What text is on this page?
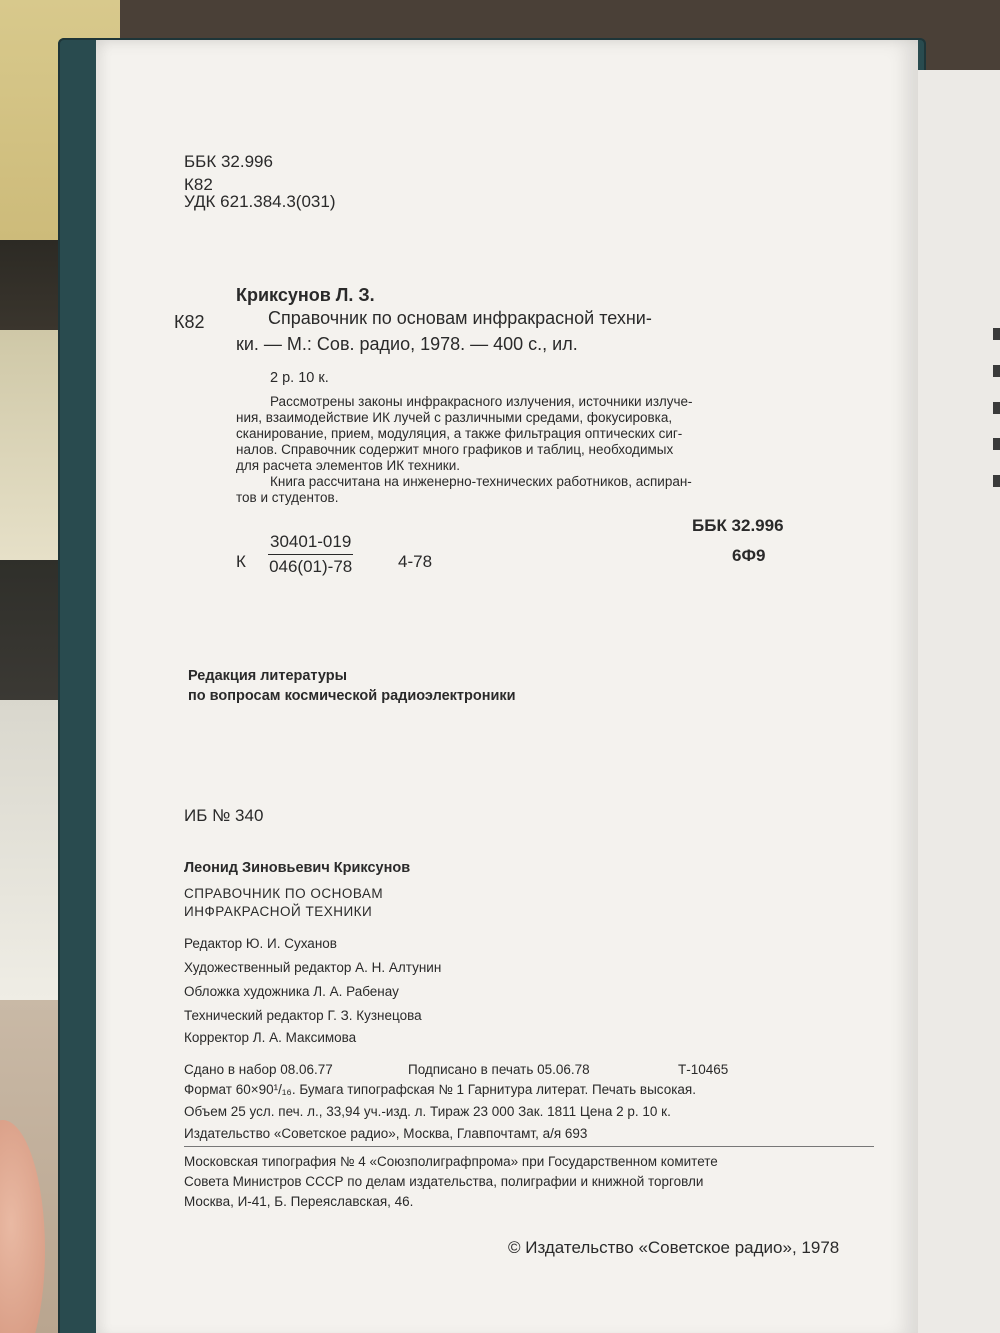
ББК 32.996
К82
УДК 621.384.3(031)
Криксунов Л. З.
К82	Справочник по основам инфракрасной техни-
ки. — М.: Сов. радио, 1978. — 400 с., ил.
2 р. 10 к.
Рассмотрены законы инфракрасного излучения, источники излуче-
ния, взаимодействие ИК лучей с различными средами, фокусировка,
сканирование, прием, модуляция, а также фильтрация оптических сиг-
налов. Справочник содержит много графиков и таблиц, необходимых
для расчета элементов ИК техники.
Книга рассчитана на инженерно-технических работников, аспиран-
тов и студентов.
ББК 32.996
6Ф9
К $\frac{30401-019}{046(01)-78}$	4-78
Редакция литературы
по вопросам космической радиоэлектроники
ИБ № 340
Леонид Зиновьевич Криксунов
СПРАВОЧНИК ПО ОСНОВАМ
ИНФРАКРАСНОЙ ТЕХНИКИ
Редактор Ю. И. Суханов
Художественный редактор А. Н. Алтунин
Обложка художника Л. А. Рабенау
Технический редактор Г. З. Кузнецова
Корректор Л. А. Максимова
Сдано в набор 08.06.77	Подписано в печать 05.06.78	Т-10465
Формат 60×90¹/₁₆. Бумага типографская № 1 Гарнитура литерат. Печать высокая.
Объем 25 усл. печ. л., 33,94 уч.-изд. л. Тираж 23 000 Зак. 1811 Цена 2 р. 10 к.
Издательство «Советское радио», Москва, Главпочтамт, а/я 693
Московская типография № 4 «Союзполиграфпрома» при Государственном комитете
Совета Министров СССР по делам издательства, полиграфии и книжной торговли
Москва, И-41, Б. Переяславская, 46.
© Издательство «Советское радио», 1978
